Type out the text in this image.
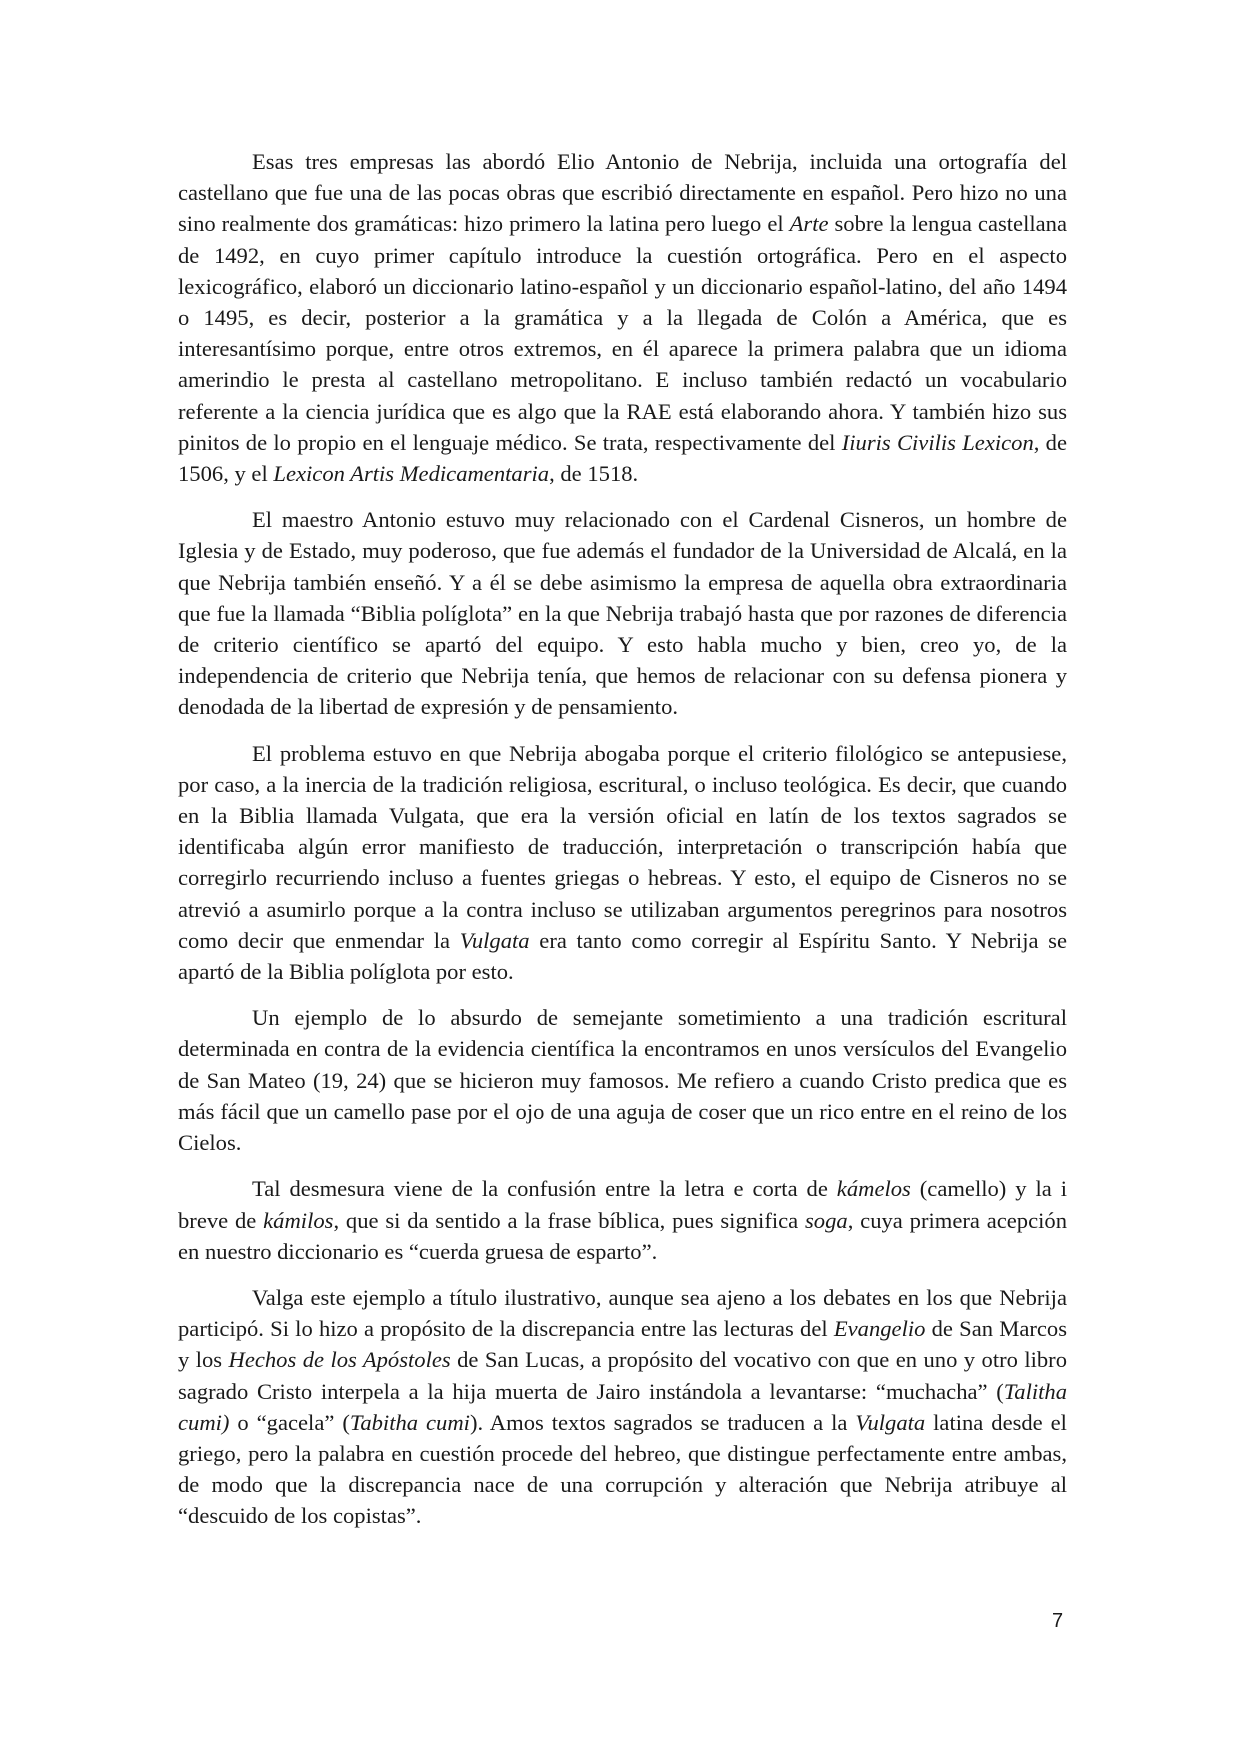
Esas tres empresas las abordó Elio Antonio de Nebrija, incluida una ortografía del castellano que fue una de las pocas obras que escribió directamente en español. Pero hizo no una sino realmente dos gramáticas: hizo primero la latina pero luego el Arte sobre la lengua castellana de 1492, en cuyo primer capítulo introduce la cuestión ortográfica. Pero en el aspecto lexicográfico, elaboró un diccionario latino-español y un diccionario español-latino, del año 1494 o 1495, es decir, posterior a la gramática y a la llegada de Colón a América, que es interesantísimo porque, entre otros extremos, en él aparece la primera palabra que un idioma amerindio le presta al castellano metropolitano. E incluso también redactó un vocabulario referente a la ciencia jurídica que es algo que la RAE está elaborando ahora. Y también hizo sus pinitos de lo propio en el lenguaje médico. Se trata, respectivamente del Iiuris Civilis Lexicon, de 1506, y el Lexicon Artis Medicamentaria, de 1518.

El maestro Antonio estuvo muy relacionado con el Cardenal Cisneros, un hombre de Iglesia y de Estado, muy poderoso, que fue además el fundador de la Universidad de Alcalá, en la que Nebrija también enseñó. Y a él se debe asimismo la empresa de aquella obra extraordinaria que fue la llamada “Biblia políglota” en la que Nebrija trabajó hasta que por razones de diferencia de criterio científico se apartó del equipo. Y esto habla mucho y bien, creo yo, de la independencia de criterio que Nebrija tenía, que hemos de relacionar con su defensa pionera y denodada de la libertad de expresión y de pensamiento.

El problema estuvo en que Nebrija abogaba porque el criterio filológico se antepusiese, por caso, a la inercia de la tradición religiosa, escritural, o incluso teológica. Es decir, que cuando en la Biblia llamada Vulgata, que era la versión oficial en latín de los textos sagrados se identificaba algún error manifiesto de traducción, interpretación o transcripción había que corregirlo recurriendo incluso a fuentes griegas o hebreas. Y esto, el equipo de Cisneros no se atrevió a asumirlo porque a la contra incluso se utilizaban argumentos peregrinos para nosotros como decir que enmendar la Vulgata era tanto como corregir al Espíritu Santo. Y Nebrija se apartó de la Biblia políglota por esto.

Un ejemplo de lo absurdo de semejante sometimiento a una tradición escritural determinada en contra de la evidencia científica la encontramos en unos versículos del Evangelio de San Mateo (19, 24) que se hicieron muy famosos. Me refiero a cuando Cristo predica que es más fácil que un camello pase por el ojo de una aguja de coser que un rico entre en el reino de los Cielos.

Tal desmesura viene de la confusión entre la letra e corta de kámelos (camello) y la i breve de kámilos, que si da sentido a la frase bíblica, pues significa soga, cuya primera acepción en nuestro diccionario es “cuerda gruesa de esparto”.

Valga este ejemplo a título ilustrativo, aunque sea ajeno a los debates en los que Nebrija participó. Si lo hizo a propósito de la discrepancia entre las lecturas del Evangelio de San Marcos y los Hechos de los Apóstoles de San Lucas, a propósito del vocativo con que en uno y otro libro sagrado Cristo interpela a la hija muerta de Jairo instándola a levantarse: “muchacha” (Talitha cumi) o “gacela” (Tabitha cumi). Amos textos sagrados se traducen a la Vulgata latina desde el griego, pero la palabra en cuestión procede del hebreo, que distingue perfectamente entre ambas, de modo que la discrepancia nace de una corrupción y alteración que Nebrija atribuye al “descuido de los copistas”.

7
